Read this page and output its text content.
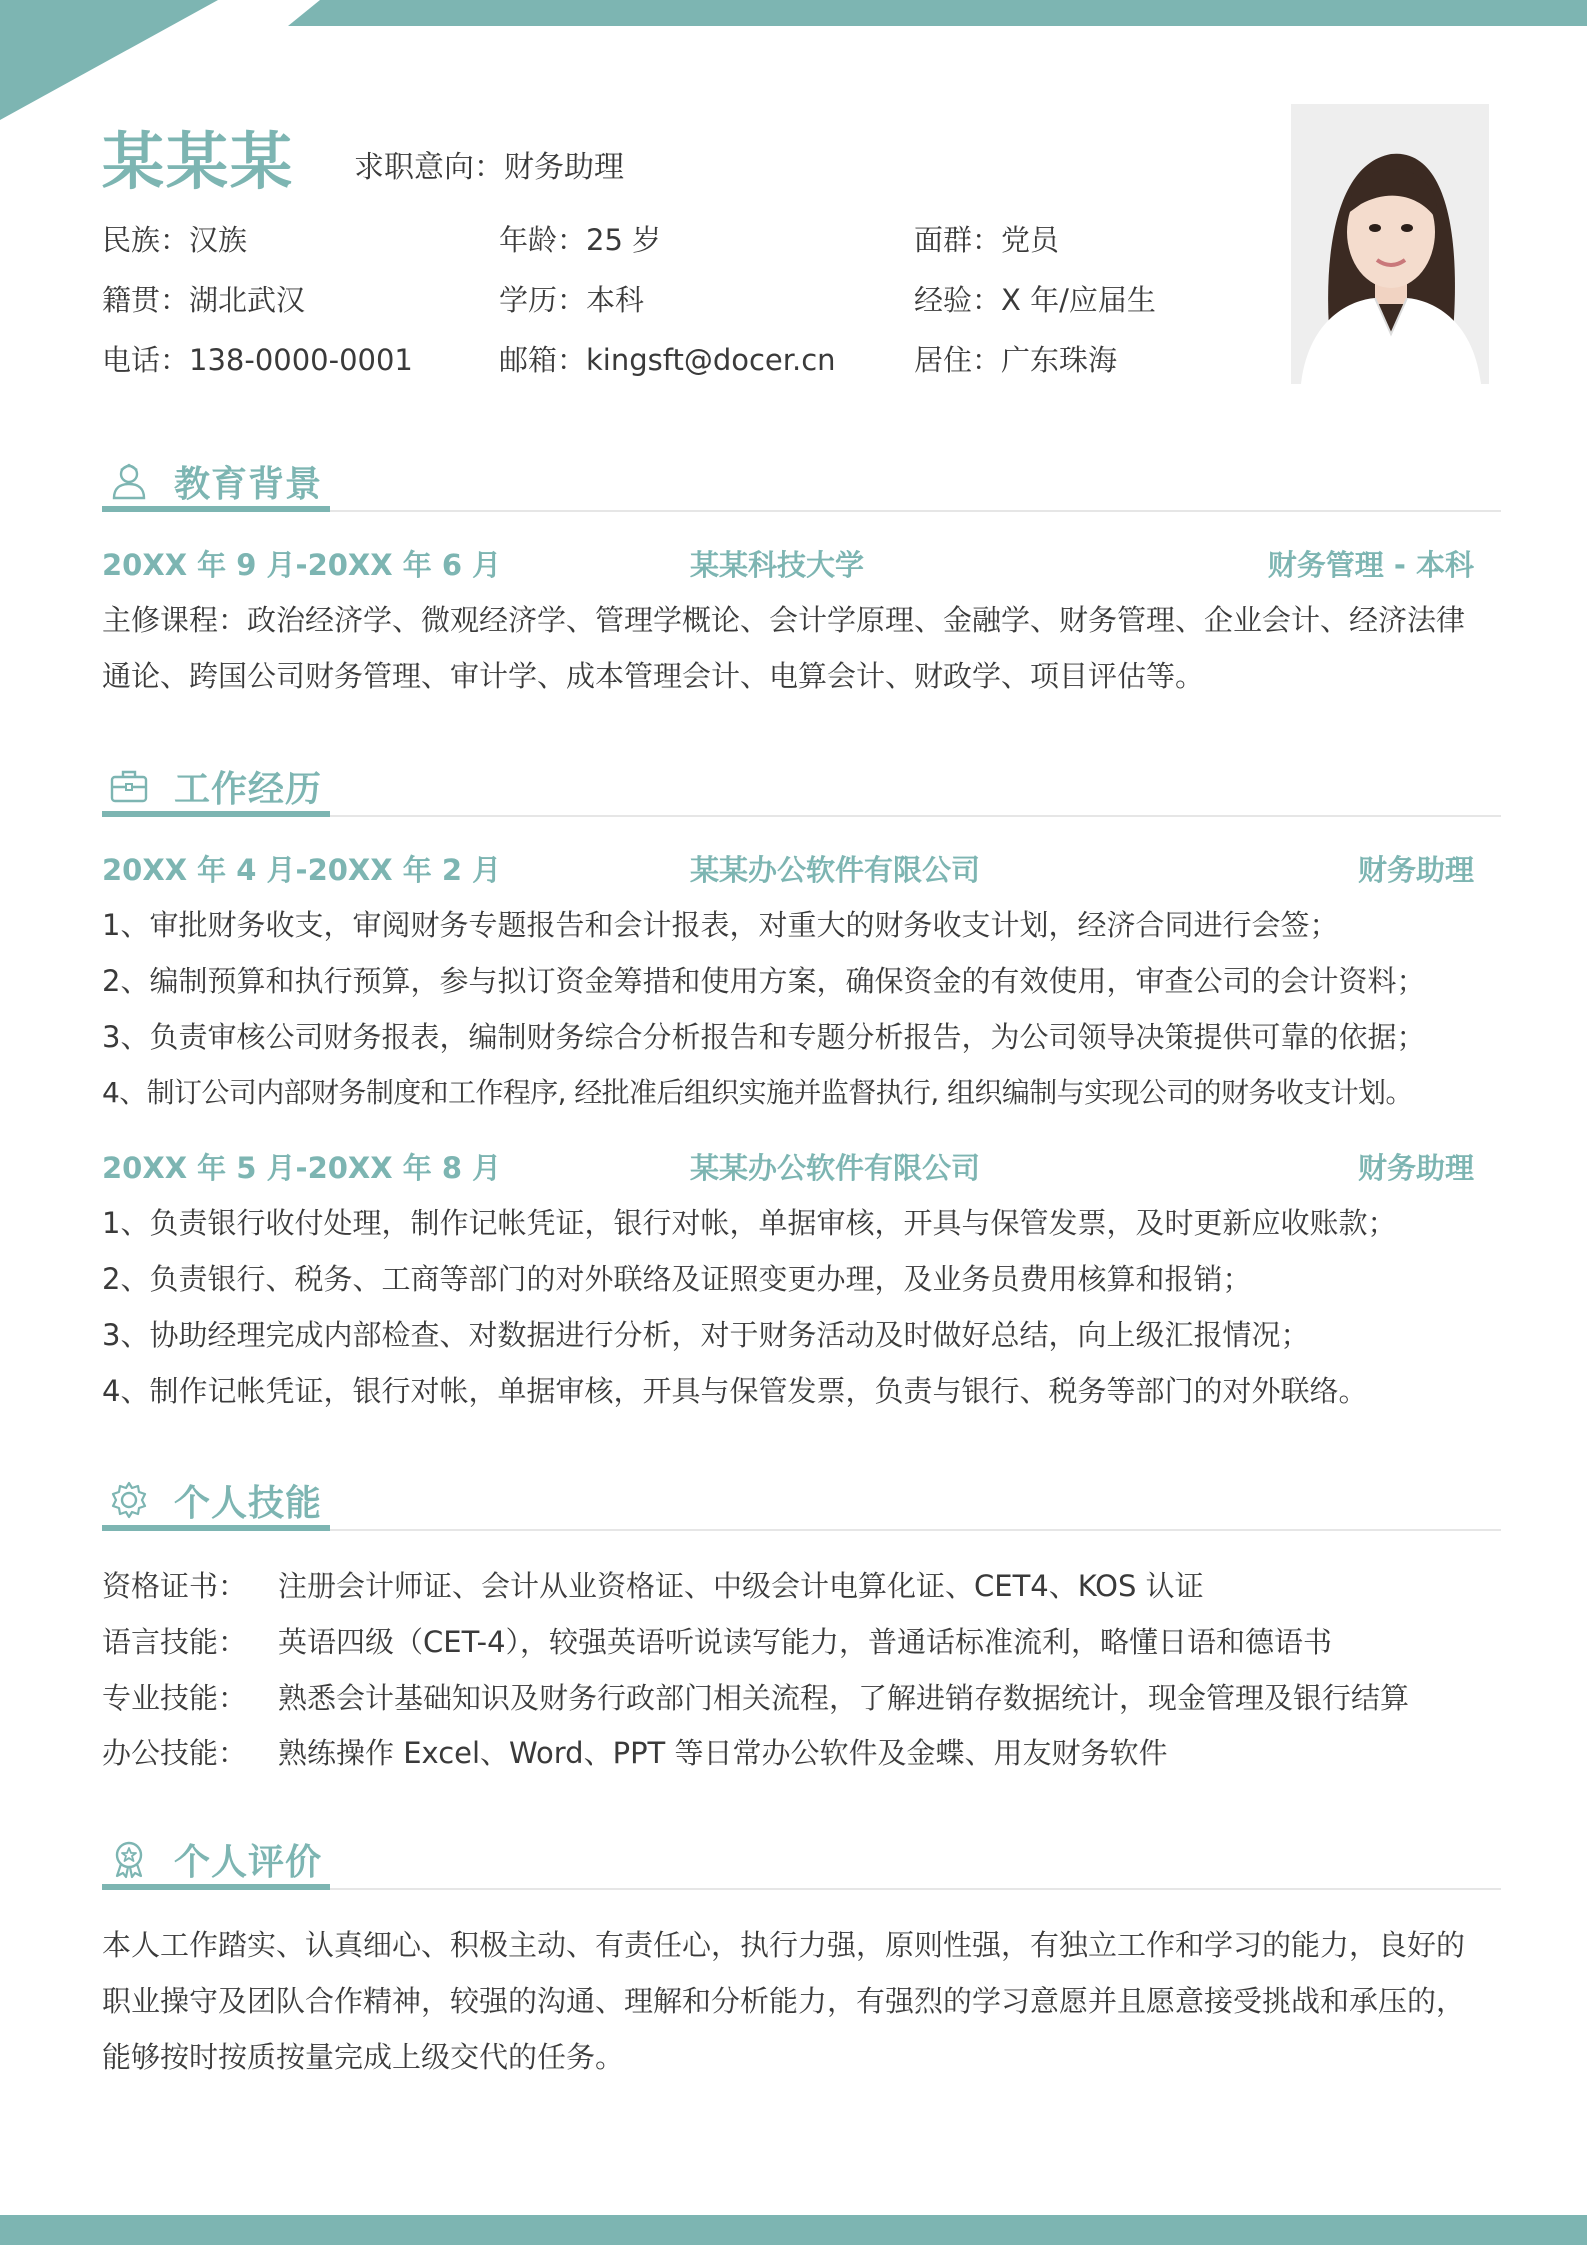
某某某 求职意向：财务助理
民族：汉族	年龄：25 岁	面群：党员
籍贯：湖北武汉	学历：本科	经验：X 年/应届生
电话：138-0000-0001	邮箱：kingsft@docer.cn	居住：广东珠海
教育背景
20XX 年 9 月-20XX 年 6 月	某某科技大学	财务管理 - 本科
主修课程：政治经济学、微观经济学、管理学概论、会计学原理、金融学、财务管理、企业会计、经济法律通论、跨国公司财务管理、审计学、成本管理会计、电算会计、财政学、项目评估等。
工作经历
20XX 年 4 月-20XX 年 2 月	某某办公软件有限公司	财务助理
1、审批财务收支，审阅财务专题报告和会计报表，对重大的财务收支计划，经济合同进行会签；
2、编制预算和执行预算，参与拟订资金筹措和使用方案，确保资金的有效使用，审查公司的会计资料；
3、负责审核公司财务报表，编制财务综合分析报告和专题分析报告，为公司领导决策提供可靠的依据；
4、制订公司内部财务制度和工作程序, 经批准后组织实施并监督执行, 组织编制与实现公司的财务收支计划。
20XX 年 5 月-20XX 年 8 月	某某办公软件有限公司	财务助理
1、负责银行收付处理，制作记帐凭证，银行对帐，单据审核，开具与保管发票，及时更新应收账款；
2、负责银行、税务、工商等部门的对外联络及证照变更办理，及业务员费用核算和报销；
3、协助经理完成内部检查、对数据进行分析，对于财务活动及时做好总结，向上级汇报情况；
4、制作记帐凭证，银行对帐，单据审核，开具与保管发票，负责与银行、税务等部门的对外联络。
个人技能
资格证书： 注册会计师证、会计从业资格证、中级会计电算化证、CET4、KOS 认证
语言技能： 英语四级（CET-4），较强英语听说读写能力，普通话标准流利，略懂日语和德语书
专业技能： 熟悉会计基础知识及财务行政部门相关流程，了解进销存数据统计，现金管理及银行结算
办公技能： 熟练操作 Excel、Word、PPT 等日常办公软件及金蝶、用友财务软件
个人评价
本人工作踏实、认真细心、积极主动、有责任心，执行力强，原则性强，有独立工作和学习的能力，良好的职业操守及团队合作精神，较强的沟通、理解和分析能力，有强烈的学习意愿并且愿意接受挑战和承压的，能够按时按质按量完成上级交代的任务。
